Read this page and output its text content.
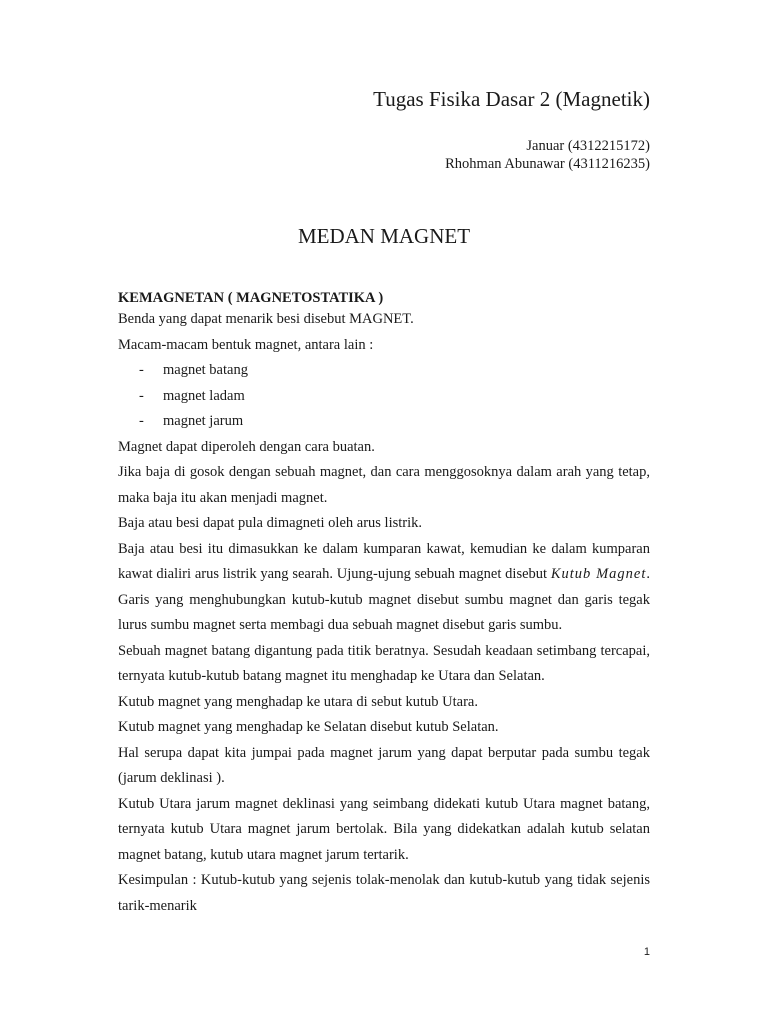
Tugas Fisika Dasar 2 (Magnetik)
Januar (4312215172)
Rhohman Abunawar (4311216235)
MEDAN MAGNET
KEMAGNETAN ( MAGNETOSTATIKA )
Benda yang dapat menarik besi disebut MAGNET.
Macam-macam bentuk magnet, antara lain :
-	magnet batang
-	magnet ladam
-	magnet jarum
Magnet dapat diperoleh dengan cara buatan.
Jika baja di gosok dengan sebuah magnet, dan cara menggosoknya dalam arah yang tetap, maka baja itu akan menjadi magnet.
Baja atau besi dapat pula dimagneti oleh arus listrik.
Baja atau besi itu dimasukkan ke dalam kumparan kawat, kemudian ke dalam kumparan kawat dialiri arus listrik yang searah. Ujung-ujung sebuah magnet disebut Kutub Magnet. Garis yang menghubungkan kutub-kutub magnet disebut sumbu magnet dan garis tegak lurus sumbu magnet serta membagi dua sebuah magnet disebut garis sumbu.
Sebuah magnet batang digantung pada titik beratnya. Sesudah keadaan setimbang tercapai, ternyata kutub-kutub batang magnet itu menghadap ke Utara dan Selatan.
Kutub magnet yang menghadap ke utara di sebut kutub Utara.
Kutub magnet yang menghadap ke Selatan disebut kutub Selatan.
Hal serupa dapat kita jumpai pada magnet jarum yang dapat berputar pada sumbu tegak (jarum deklinasi ).
Kutub Utara jarum magnet deklinasi yang seimbang didekati kutub Utara magnet batang, ternyata kutub Utara magnet jarum bertolak. Bila yang didekatkan adalah kutub selatan magnet batang, kutub utara magnet jarum tertarik.
Kesimpulan : Kutub-kutub yang sejenis tolak-menolak dan kutub-kutub yang tidak sejenis tarik-menarik
1
